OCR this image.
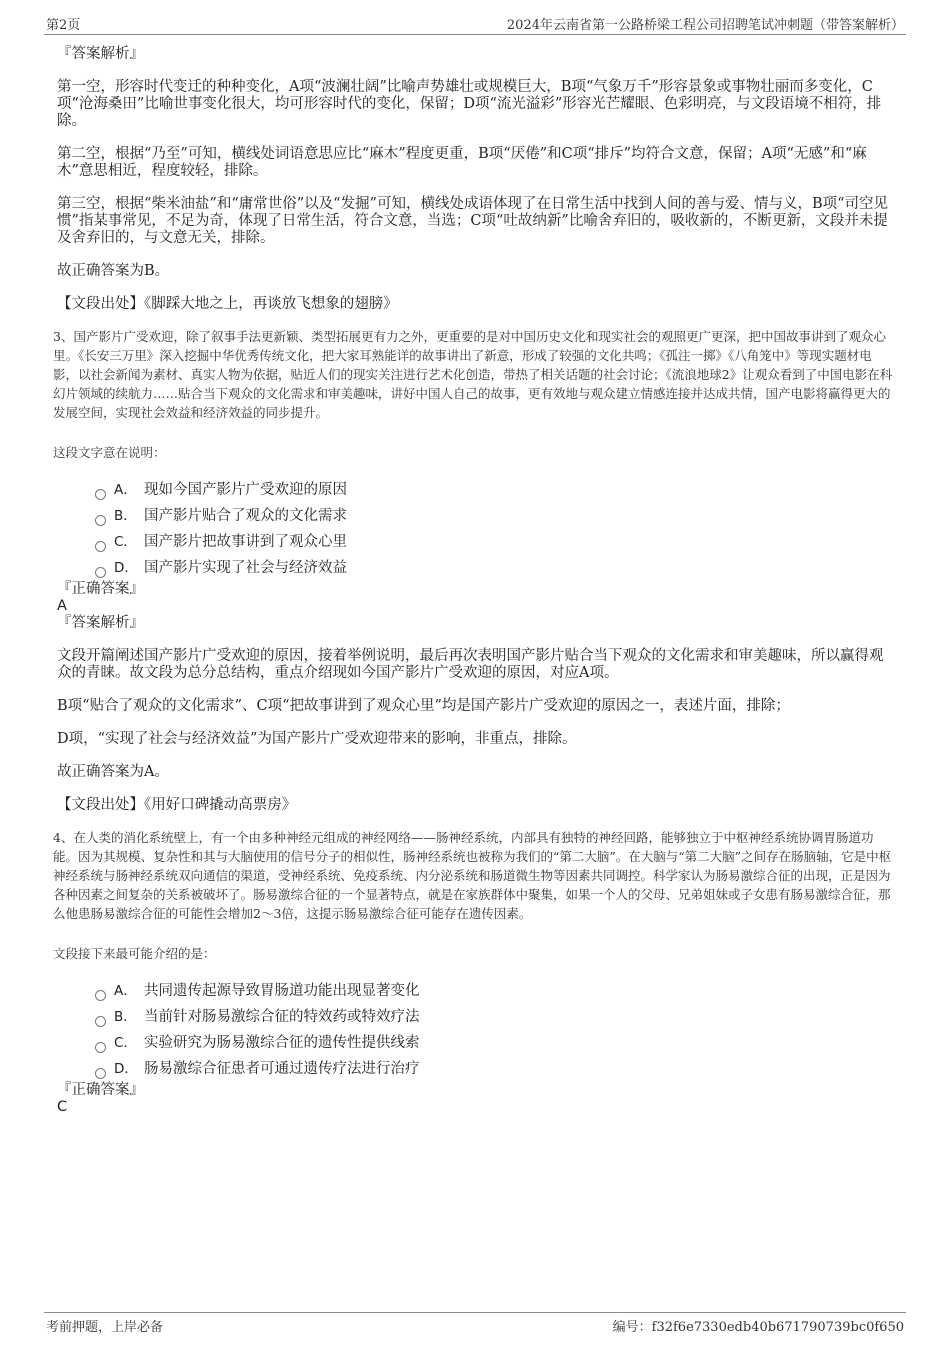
第2页	2024年云南省第一公路桥梁工程公司招聘笔试冲刺题（带答案解析）

『答案解析』

第一空，形容时代变迁的种种变化，A项“波澜壮阔”比喻声势雄壮或规模巨大，B项“气象万千”形容景象或事物壮丽而多变化，C项“沧海桑田”比喻世事变化很大，均可形容时代的变化，保留；D项“流光溢彩”形容光芒耀眼、色彩明亮，与文段语境不相符，排除。

第二空，根据“乃至”可知，横线处词语意思应比“麻木”程度更重，B项“厌倦”和C项“排斥”均符合文意，保留；A项“无感”和“麻木”意思相近，程度较轻，排除。

第三空，根据“柴米油盐”和“庸常世俗”以及“发掘”可知，横线处成语体现了在日常生活中找到人间的善与爱、情与义，B项“司空见惯”指某事常见，不足为奇，体现了日常生活，符合文意，当选；C项“吐故纳新”比喻舍弃旧的，吸收新的，不断更新，文段并未提及舍弃旧的，与文意无关，排除。

故正确答案为B。

【文段出处】《脚踩大地之上，再谈放飞想象的翅膀》

3、国产影片广受欢迎，除了叙事手法更新颖、类型拓展更有力之外，更重要的是对中国历史文化和现实社会的观照更广更深，把中国故事讲到了观众心里。《长安三万里》深入挖掘中华优秀传统文化，把大家耳熟能详的故事讲出了新意，形成了较强的文化共鸣；《孤注一掷》《八角笼中》等现实题材电影，以社会新闻为素材、真实人物为依据，贴近人们的现实关注进行艺术化创造，带热了相关话题的社会讨论；《流浪地球2》让观众看到了中国电影在科幻片领域的续航力……贴合当下观众的文化需求和审美趣味，讲好中国人自己的故事，更有效地与观众建立情感连接并达成共情，国产电影将赢得更大的发展空间，实现社会效益和经济效益的同步提升。

这段文字意在说明：

A． 现如今国产影片广受欢迎的原因
B． 国产影片贴合了观众的文化需求
C． 国产影片把故事讲到了观众心里
D． 国产影片实现了社会与经济效益

『正确答案』

A

『答案解析』

文段开篇阐述国产影片广受欢迎的原因，接着举例说明，最后再次表明国产影片贴合当下观众的文化需求和审美趣味，所以赢得观众的青睐。故文段为总分总结构，重点介绍现如今国产影片广受欢迎的原因，对应A项。

B项“贴合了观众的文化需求”、C项“把故事讲到了观众心里”均是国产影片广受欢迎的原因之一，表述片面，排除；

D项，“实现了社会与经济效益”为国产影片广受欢迎带来的影响，非重点，排除。

故正确答案为A。

【文段出处】《用好口碑撬动高票房》

4、在人类的消化系统壁上，有一个由多种神经元组成的神经网络——肠神经系统，内部具有独特的神经回路，能够独立于中枢神经系统协调胃肠道功能。因为其规模、复杂性和其与大脑使用的信号分子的相似性，肠神经系统也被称为我们的“第二大脑”。在大脑与“第二大脑”之间存在肠脑轴，它是中枢神经系统与肠神经系统双向通信的渠道，受神经系统、免疫系统、内分泌系统和肠道微生物等因素共同调控。科学家认为肠易激综合征的出现，正是因为各种因素之间复杂的关系被破坏了。肠易激综合征的一个显著特点，就是在家族群体中聚集，如果一个人的父母、兄弟姐妹或子女患有肠易激综合征，那么他患肠易激综合征的可能性会增加2～3倍，这提示肠易激综合征可能存在遗传因素。

文段接下来最可能介绍的是：

A． 共同遗传起源导致胃肠道功能出现显著变化
B． 当前针对肠易激综合征的特效药或特效疗法
C． 实验研究为肠易激综合征的遗传性提供线索
D． 肠易激综合征患者可通过遗传疗法进行治疗

『正确答案』

C

考前押题，上岸必备	编号：f32f6e7330edb40b671790739bc0f650
